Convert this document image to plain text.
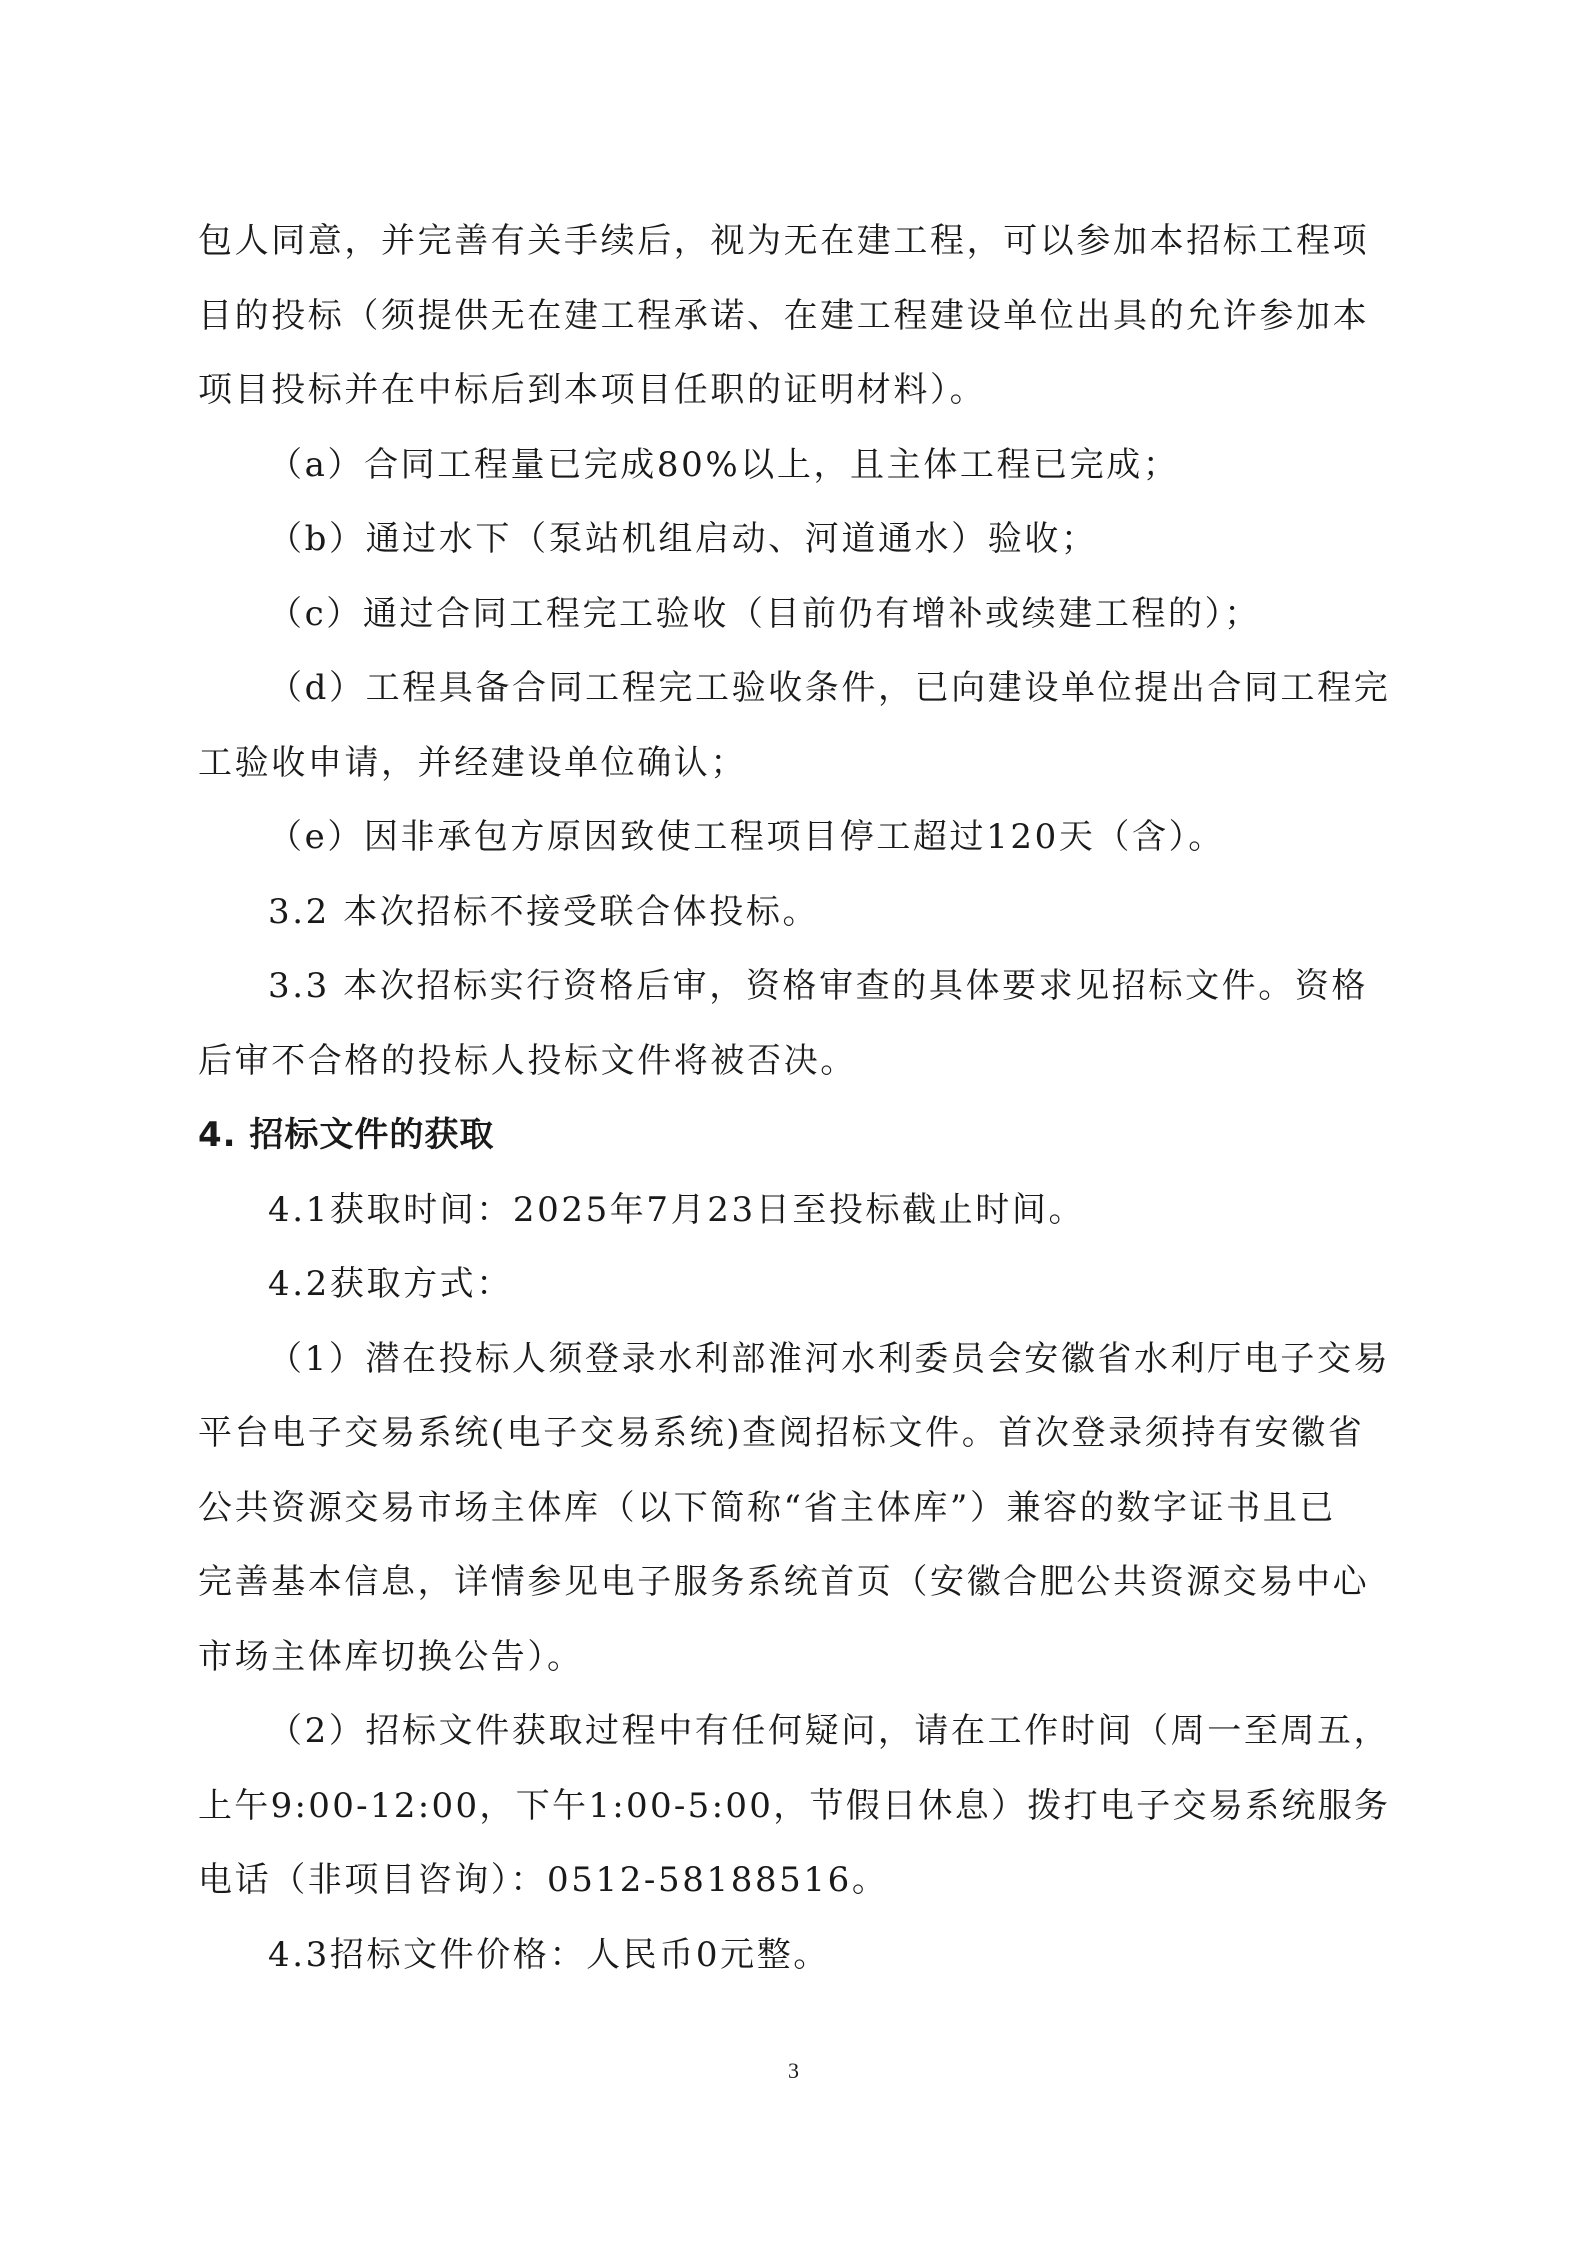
包人同意，并完善有关手续后，视为无在建工程，可以参加本招标工程项

目的投标（须提供无在建工程承诺、在建工程建设单位出具的允许参加本

项目投标并在中标后到本项目任职的证明材料）。

（a）合同工程量已完成80%以上，且主体工程已完成；

（b）通过水下（泵站机组启动、河道通水）验收；

（c）通过合同工程完工验收（目前仍有增补或续建工程的）；

（d）工程具备合同工程完工验收条件，已向建设单位提出合同工程完

工验收申请，并经建设单位确认；

（e）因非承包方原因致使工程项目停工超过120天（含）。

3.2 本次招标不接受联合体投标。

3.3 本次招标实行资格后审，资格审查的具体要求见招标文件。资格

后审不合格的投标人投标文件将被否决。

4. 招标文件的获取

4.1获取时间：2025年7月23日至投标截止时间。

4.2获取方式：

（1）潜在投标人须登录水利部淮河水利委员会安徽省水利厅电子交易

平台电子交易系统(电子交易系统)查阅招标文件。首次登录须持有安徽省

公共资源交易市场主体库（以下简称“省主体库”）兼容的数字证书且已

完善基本信息，详情参见电子服务系统首页（安徽合肥公共资源交易中心

市场主体库切换公告）。

（2）招标文件获取过程中有任何疑问，请在工作时间（周一至周五，

上午9:00-12:00，下午1:00-5:00，节假日休息）拨打电子交易系统服务

电话（非项目咨询）：0512-58188516。

4.3招标文件价格：人民币0元整。

3
